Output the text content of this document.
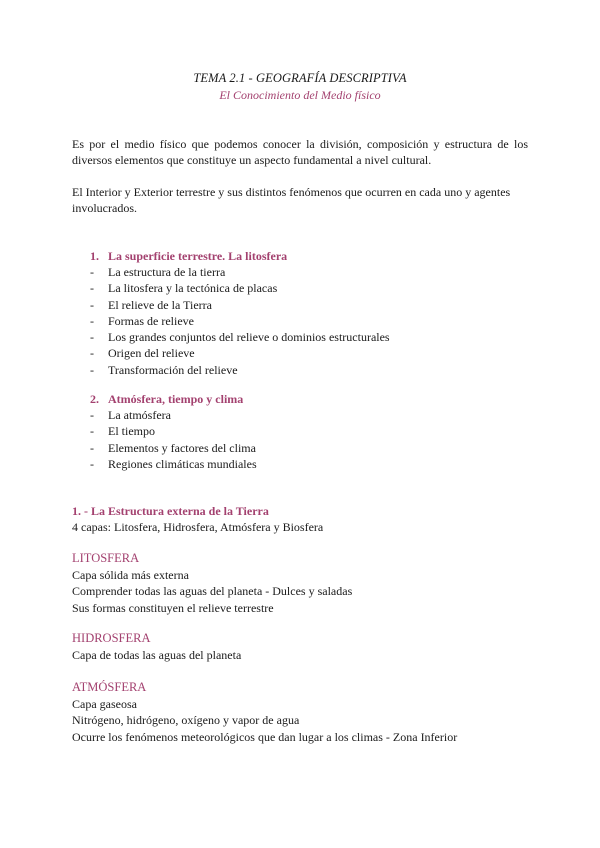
TEMA 2.1 - GEOGRAFÍA DESCRIPTIVA
El Conocimiento del Medio físico
Es por el medio físico que podemos conocer la división, composición y estructura de los diversos elementos que constituye un aspecto fundamental a nivel cultural.
El Interior y Exterior terrestre y sus distintos fenómenos que ocurren en cada uno y agentes involucrados.
1. La superficie terrestre. La litosfera
- La estructura de la tierra
- La litosfera y la tectónica de placas
- El relieve de la Tierra
- Formas de relieve
- Los grandes conjuntos del relieve o dominios estructurales
- Origen del relieve
- Transformación del relieve
2. Atmósfera, tiempo y clima
- La atmósfera
- El tiempo
- Elementos y factores del clima
- Regiones climáticas mundiales
1. - La Estructura externa de la Tierra
4 capas: Litosfera, Hidrosfera, Atmósfera y Biosfera
LITOSFERA
Capa sólida más externa
Comprender todas las aguas del planeta - Dulces y saladas
Sus formas constituyen el relieve terrestre
HIDROSFERA
Capa de todas las aguas del planeta
ATMÓSFERA
Capa gaseosa
Nitrógeno, hidrógeno, oxígeno y vapor de agua
Ocurre los fenómenos meteorológicos que dan lugar a los climas - Zona Inferior
